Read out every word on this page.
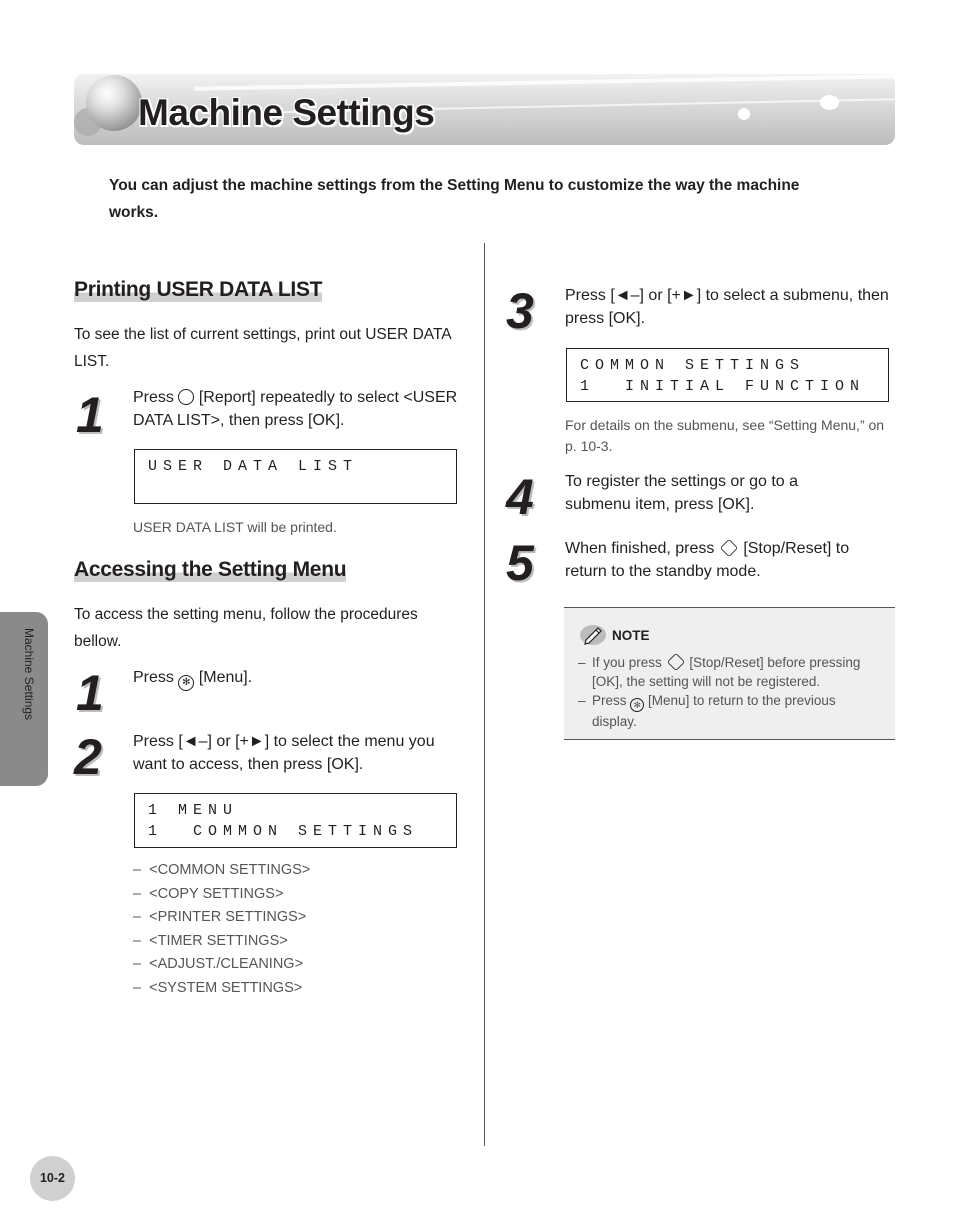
Machine Settings
You can adjust the machine settings from the Setting Menu to customize the way the machine works.
Printing USER DATA LIST
To see the list of current settings, print out USER DATA LIST.
1 Press [Report] repeatedly to select <USER DATA LIST>, then press [OK].
USER DATA LIST
USER DATA LIST will be printed.
Accessing the Setting Menu
To access the setting menu, follow the procedures bellow.
1 Press ✻ [Menu].
2 Press [◄–] or [+►] to select the menu you want to access, then press [OK].
1 MENU
1  COMMON SETTINGS
–  <COMMON SETTINGS>
–  <COPY SETTINGS>
–  <PRINTER SETTINGS>
–  <TIMER SETTINGS>
–  <ADJUST./CLEANING>
–  <SYSTEM SETTINGS>
3 Press [◄–] or [+►] to select a submenu, then press [OK].
COMMON SETTINGS
1  INITIAL FUNCTION
For details on the submenu, see “Setting Menu,” on p. 10-3.
4 To register the settings or go to a submenu item, press [OK].
5 When finished, press [Stop/Reset] to return to the standby mode.
NOTE
– If you press [Stop/Reset] before pressing [OK], the setting will not be registered.
– Press ✻ [Menu] to return to the previous display.
Machine Settings
10-2
